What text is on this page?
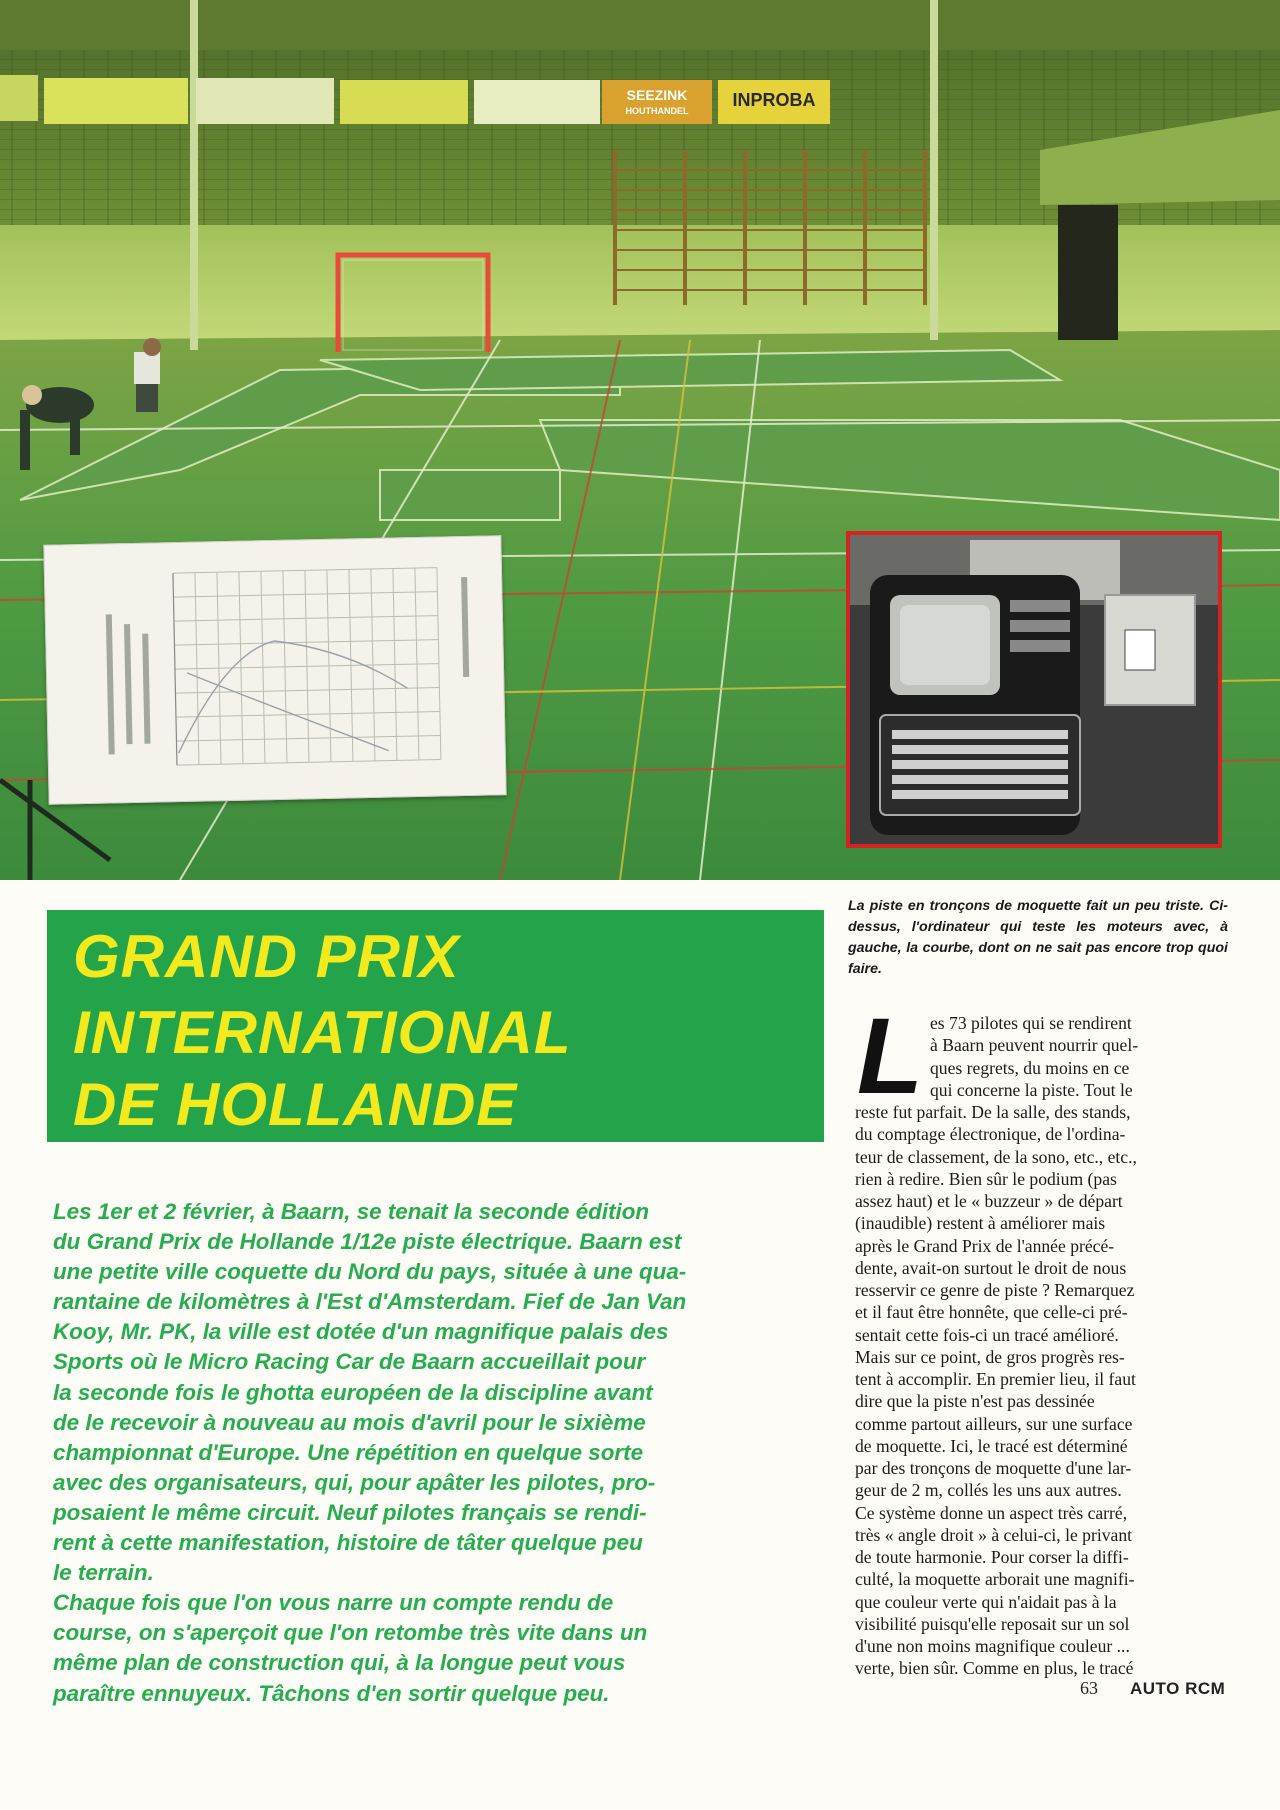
SEEZINK
HOUTHANDEL
INPROBA
GRAND PRIX
INTERNATIONAL
DE HOLLANDE
La piste en tronçons de moquette fait un peu triste. Ci-dessus, l'ordinateur qui teste les moteurs avec, à gauche, la courbe, dont on ne sait pas encore trop quoi faire.
Les 1er et 2 février, à Baarn, se tenait la seconde édition
du Grand Prix de Hollande 1/12e piste électrique. Baarn est
une petite ville coquette du Nord du pays, située à une qua-
rantaine de kilomètres à l'Est d'Amsterdam. Fief de Jan Van
Kooy, Mr. PK, la ville est dotée d'un magnifique palais des
Sports où le Micro Racing Car de Baarn accueillait pour
la seconde fois le ghotta européen de la discipline avant
de le recevoir à nouveau au mois d'avril pour le sixième
championnat d'Europe. Une répétition en quelque sorte
avec des organisateurs, qui, pour apâter les pilotes, pro-
posaient le même circuit. Neuf pilotes français se rendi-
rent à cette manifestation, histoire de tâter quelque peu
le terrain.
Chaque fois que l'on vous narre un compte rendu de
course, on s'aperçoit que l'on retombe très vite dans un
même plan de construction qui, à la longue peut vous
paraître ennuyeux. Tâchons d'en sortir quelque peu.
L es 73 pilotes qui se rendirent
à Baarn peuvent nourrir quel-
ques regrets, du moins en ce
qui concerne la piste. Tout le
reste fut parfait. De la salle, des stands,
du comptage électronique, de l'ordina-
teur de classement, de la sono, etc., etc.,
rien à redire. Bien sûr le podium (pas
assez haut) et le « buzzeur » de départ
(inaudible) restent à améliorer mais
après le Grand Prix de l'année précé-
dente, avait-on surtout le droit de nous
resservir ce genre de piste ? Remarquez
et il faut être honnête, que celle-ci pré-
sentait cette fois-ci un tracé amélioré.
Mais sur ce point, de gros progrès res-
tent à accomplir. En premier lieu, il faut
dire que la piste n'est pas dessinée
comme partout ailleurs, sur une surface
de moquette. Ici, le tracé est déterminé
par des tronçons de moquette d'une lar-
geur de 2 m, collés les uns aux autres.
Ce système donne un aspect très carré,
très « angle droit » à celui-ci, le privant
de toute harmonie. Pour corser la diffi-
culté, la moquette arborait une magnifi-
que couleur verte qui n'aidait pas à la
visibilité puisqu'elle reposait sur un sol
d'une non moins magnifique couleur ...
verte, bien sûr. Comme en plus, le tracé
63 AUTO RCM
